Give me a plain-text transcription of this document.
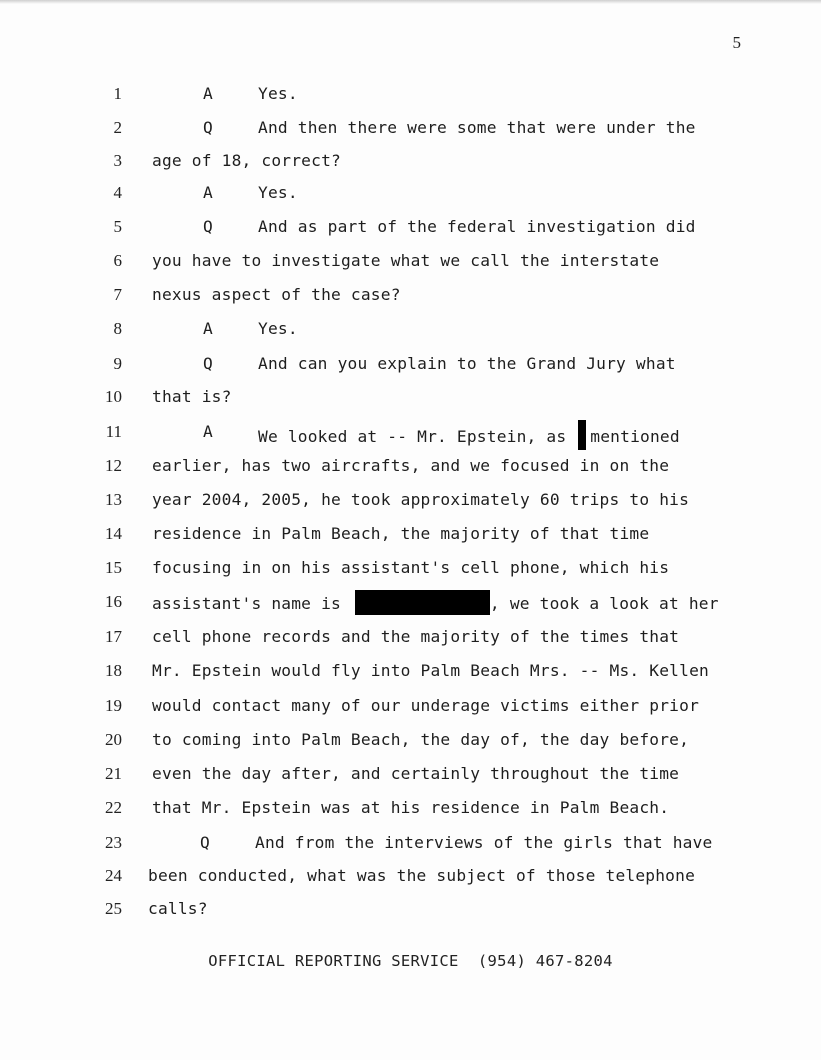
5
1	A	Yes.
2	Q	And then there were some that were under the
3 age of 18, correct?
4	A	Yes.
5	Q	And as part of the federal investigation did
6 you have to investigate what we call the interstate
7 nexus aspect of the case?
8	A	Yes.
9	Q	And can you explain to the Grand Jury what
10 that is?
11	A	We looked at -- Mr. Epstein, as mentioned
12 earlier, has two aircrafts, and we focused in on the
13 year 2004, 2005, he took approximately 60 trips to his
14 residence in Palm Beach, the majority of that time
15 focusing in on his assistant's cell phone, which his
16 assistant's name is	, we took a look at her
17 cell phone records and the majority of the times that
18 Mr. Epstein would fly into Palm Beach Mrs. -- Ms. Kellen
19 would contact many of our underage victims either prior
20 to coming into Palm Beach, the day of, the day before,
21 even the day after, and certainly throughout the time
22 that Mr. Epstein was at his residence in Palm Beach.
23	Q	And from the interviews of the girls that have
24 been conducted, what was the subject of those telephone
25 calls?
OFFICIAL REPORTING SERVICE (954) 467-8204
